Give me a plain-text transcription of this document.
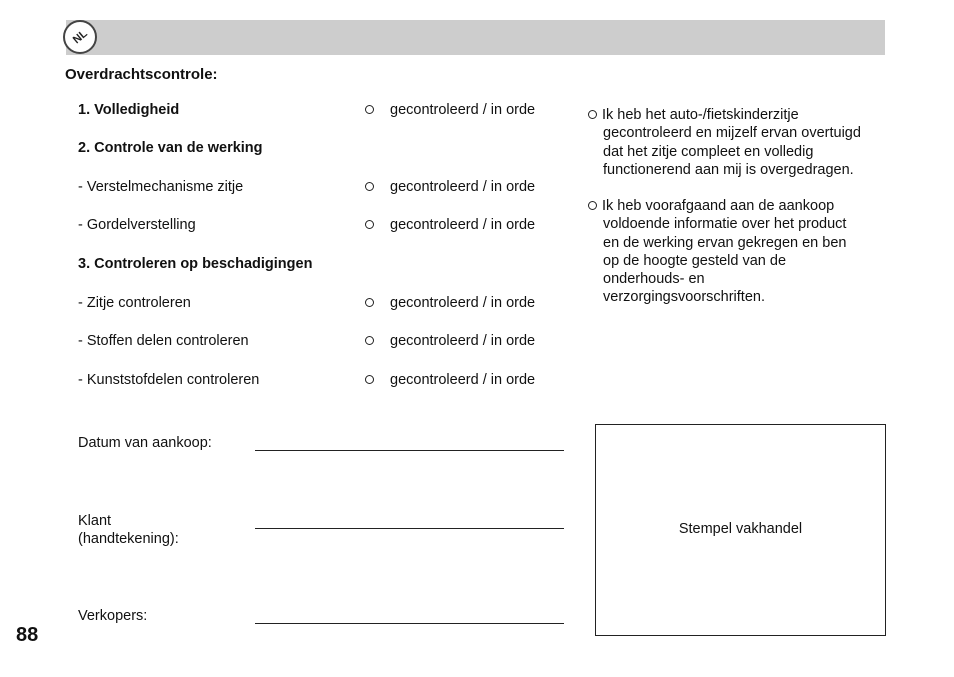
NL
Overdrachtscontrole:
1. Volledigheid	gecontroleerd / in orde
2. Controle van de werking
- Verstelmechanisme zitje	gecontroleerd / in orde
- Gordelverstelling	gecontroleerd / in orde
3. Controleren op beschadigingen
- Zitje controleren	gecontroleerd / in orde
- Stoffen delen controleren	gecontroleerd / in orde
- Kunststofdelen controleren	gecontroleerd / in orde
Ik heb het auto-/fietskinderzitje
gecontroleerd en mijzelf ervan overtuigd
dat het zitje compleet en volledig
functionerend aan mij is overgedragen.
Ik heb voorafgaand aan de aankoop
voldoende informatie over het product
en de werking ervan gekregen en ben
op de hoogte gesteld van de
onderhouds- en
verzorgingsvoorschriften.
Datum van aankoop:
Klant
(handtekening):
Verkopers:
Stempel vakhandel
88
